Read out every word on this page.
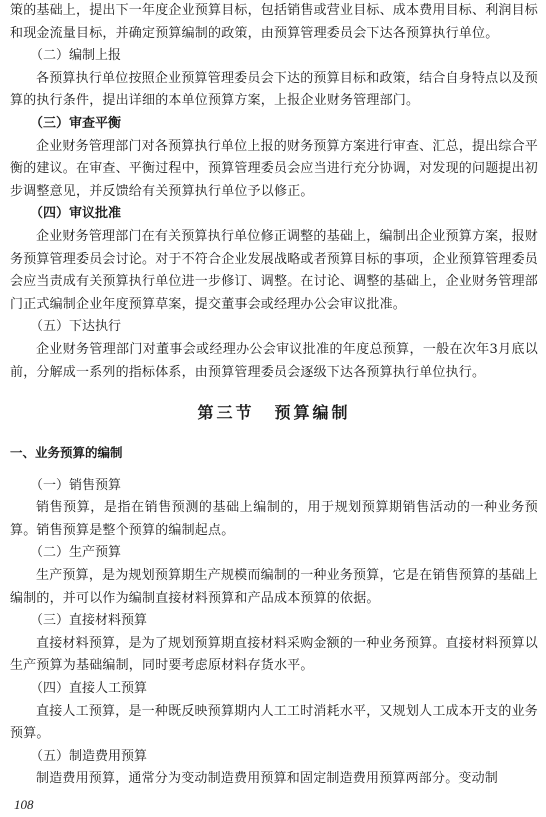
策的基础上，提出下一年度企业预算目标，包括销售或营业目标、成本费用目标、利润目标和现金流量目标，并确定预算编制的政策，由预算管理委员会下达各预算执行单位。

（二）编制上报

各预算执行单位按照企业预算管理委员会下达的预算目标和政策，结合自身特点以及预算的执行条件，提出详细的本单位预算方案，上报企业财务管理部门。

（三）审查平衡

企业财务管理部门对各预算执行单位上报的财务预算方案进行审查、汇总，提出综合平衡的建议。在审查、平衡过程中，预算管理委员会应当进行充分协调，对发现的问题提出初步调整意见，并反馈给有关预算执行单位予以修正。

（四）审议批准

企业财务管理部门在有关预算执行单位修正调整的基础上，编制出企业预算方案，报财务预算管理委员会讨论。对于不符合企业发展战略或者预算目标的事项，企业预算管理委员会应当责成有关预算执行单位进一步修订、调整。在讨论、调整的基础上，企业财务管理部门正式编制企业年度预算草案，提交董事会或经理办公会审议批准。

（五）下达执行

企业财务管理部门对董事会或经理办公会审议批准的年度总预算，一般在次年3月底以前，分解成一系列的指标体系，由预算管理委员会逐级下达各预算执行单位执行。

第三节 预算编制
一、业务预算的编制

（一）销售预算

销售预算，是指在销售预测的基础上编制的，用于规划预算期销售活动的一种业务预算。销售预算是整个预算的编制起点。

（二）生产预算

生产预算，是为规划预算期生产规模而编制的一种业务预算，它是在销售预算的基础上编制的，并可以作为编制直接材料预算和产品成本预算的依据。

（三）直接材料预算

直接材料预算，是为了规划预算期直接材料采购金额的一种业务预算。直接材料预算以生产预算为基础编制，同时要考虑原材料存货水平。

（四）直接人工预算

直接人工预算，是一种既反映预算期内人工工时消耗水平，又规划人工成本开支的业务预算。

（五）制造费用预算

制造费用预算，通常分为变动制造费用预算和固定制造费用预算两部分。变动制

108
